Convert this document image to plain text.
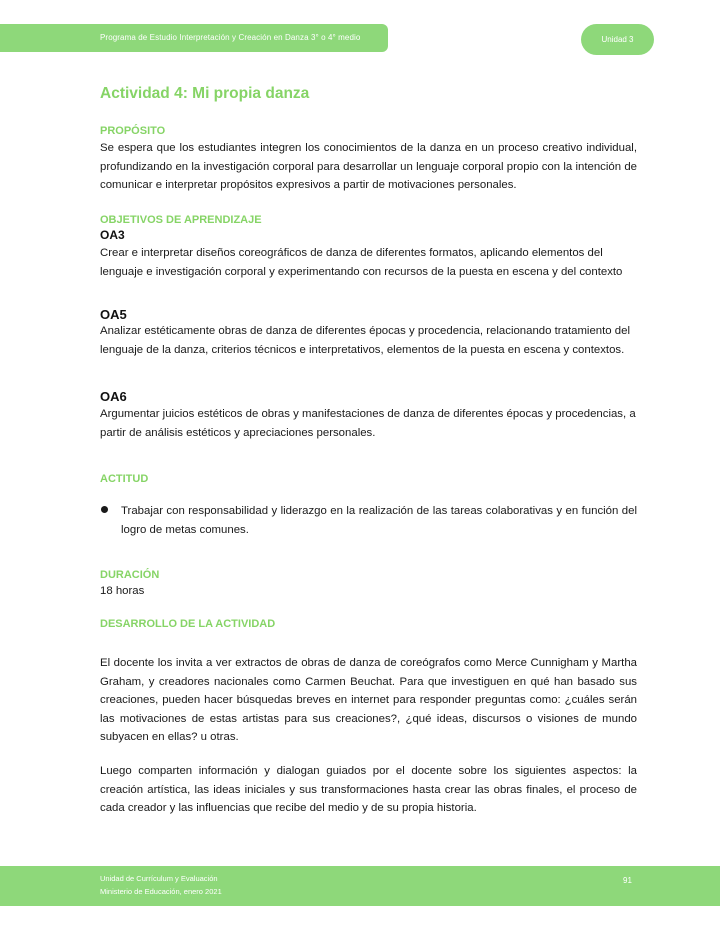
Programa de Estudio Interpretación y Creación en Danza 3° o 4° medio	Unidad 3
Actividad 4: Mi propia danza
PROPÓSITO
Se espera que los estudiantes integren los conocimientos de la danza en un proceso creativo individual, profundizando en la investigación corporal para desarrollar un lenguaje corporal propio con la intención de comunicar e interpretar propósitos expresivos a partir de motivaciones personales.
OBJETIVOS DE APRENDIZAJE
OA3
Crear e interpretar diseños coreográficos de danza de diferentes formatos, aplicando elementos del lenguaje e investigación corporal y experimentando con recursos de la puesta en escena y del contexto
OA5
Analizar estéticamente obras de danza de diferentes épocas y procedencia, relacionando tratamiento del lenguaje de la danza, criterios técnicos e interpretativos, elementos de la puesta en escena y contextos.
OA6
Argumentar juicios estéticos de obras y manifestaciones de danza de diferentes épocas y procedencias, a partir de análisis estéticos y apreciaciones personales.
ACTITUD
Trabajar con responsabilidad y liderazgo en la realización de las tareas colaborativas y en función del logro de metas comunes.
DURACIÓN
18 horas
DESARROLLO DE LA ACTIVIDAD
El docente los invita a ver extractos de obras de danza de coreógrafos como Merce Cunnigham y Martha Graham, y creadores nacionales como Carmen Beuchat. Para que investiguen en qué han basado sus creaciones, pueden hacer búsquedas breves en internet para responder preguntas como: ¿cuáles serán las motivaciones de estas artistas para sus creaciones?, ¿qué ideas, discursos o visiones de mundo subyacen en ellas? u otras.
Luego comparten información y dialogan guiados por el docente sobre los siguientes aspectos: la creación artística, las ideas iniciales y sus transformaciones hasta crear las obras finales, el proceso de cada creador y las influencias que recibe del medio y de su propia historia.
Unidad de Currículum y Evaluación
Ministerio de Educación, enero 2021
91
